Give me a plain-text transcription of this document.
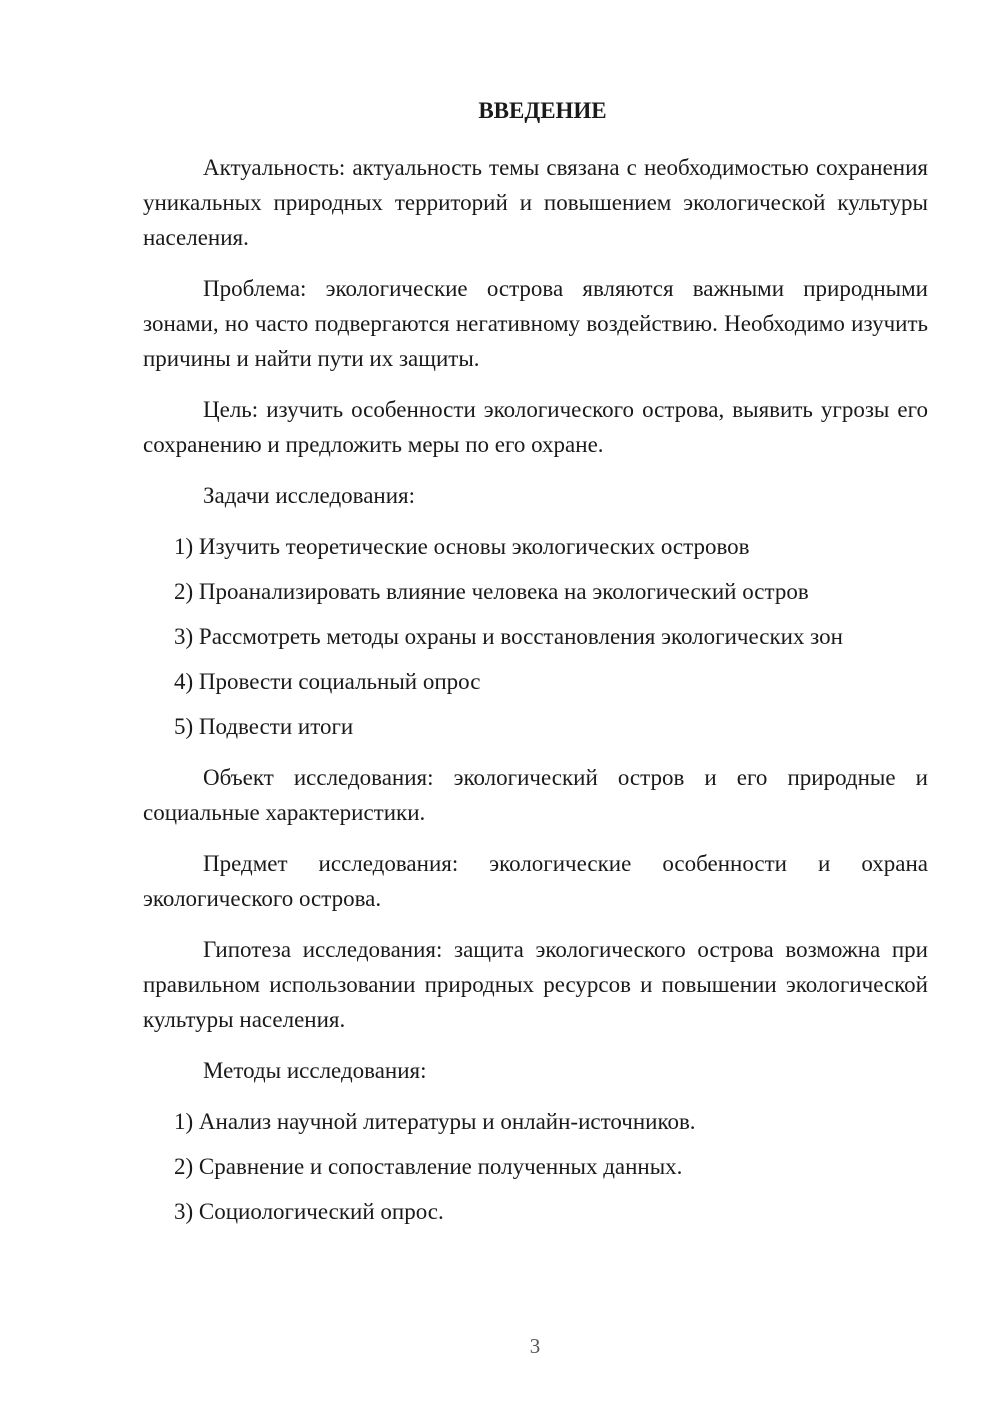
ВВЕДЕНИЕ

Актуальность: актуальность темы связана с необходимостью сохранения уникальных природных территорий и повышением экологической культуры населения.

Проблема: экологические острова являются важными природными зонами, но часто подвергаются негативному воздействию. Необходимо изучить причины и найти пути их защиты.

Цель: изучить особенности экологического острова, выявить угрозы его сохранению и предложить меры по его охране.

Задачи исследования:

1) Изучить теоретические основы экологических островов
2) Проанализировать влияние человека на экологический остров
3) Рассмотреть методы охраны и восстановления экологических зон
4) Провести социальный опрос
5) Подвести итоги

Объект исследования: экологический остров и его природные и социальные характеристики.

Предмет исследования: экологические особенности и охрана экологического острова.

Гипотеза исследования: защита экологического острова возможна при правильном использовании природных ресурсов и повышении экологической культуры населения.

Методы исследования:

1) Анализ научной литературы и онлайн-источников.
2) Сравнение и сопоставление полученных данных.
3) Социологический опрос.
3
